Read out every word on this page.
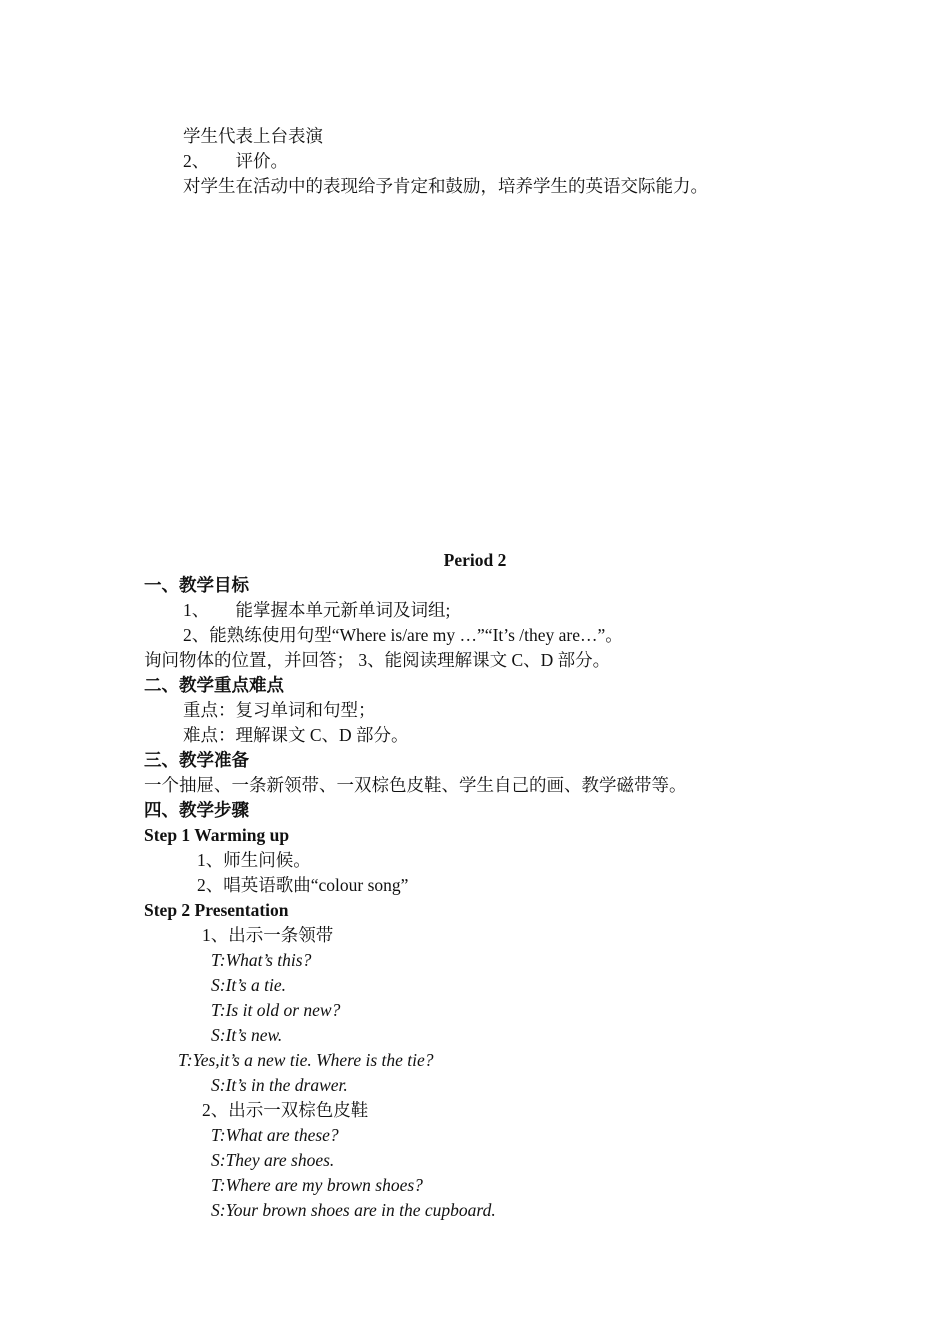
学生代表上台表演
2、　　评价。
对学生在活动中的表现给予肯定和鼓励，培养学生的英语交际能力。
Period 2
一、教学目标
1、　　能掌握本单元新单词及词组;
2、能熟练使用句型“Where is/are my …”“It’s /they are…”。
询问物体的位置，并回答； 3、能阅读理解课文 C、D 部分。
二、教学重点难点
重点：复习单词和句型；
难点：理解课文 C、D 部分。
三、教学准备
一个抽屉、一条新领带、一双棕色皮鞋、学生自己的画、教学磁带等。
四、教学步骤
Step 1 Warming up
1、师生问候。
2、唱英语歌曲“colour song”
Step 2 Presentation
1、出示一条领带
T:What’s this?
S:It’s a tie.
T:Is it old or new?
S:It’s new.
T:Yes,it’s a new tie. Where is the tie?
S:It’s in the drawer.
2、出示一双棕色皮鞋
T:What are these?
S:They are shoes.
T:Where are my brown shoes?
S:Your brown shoes are in the cupboard.
